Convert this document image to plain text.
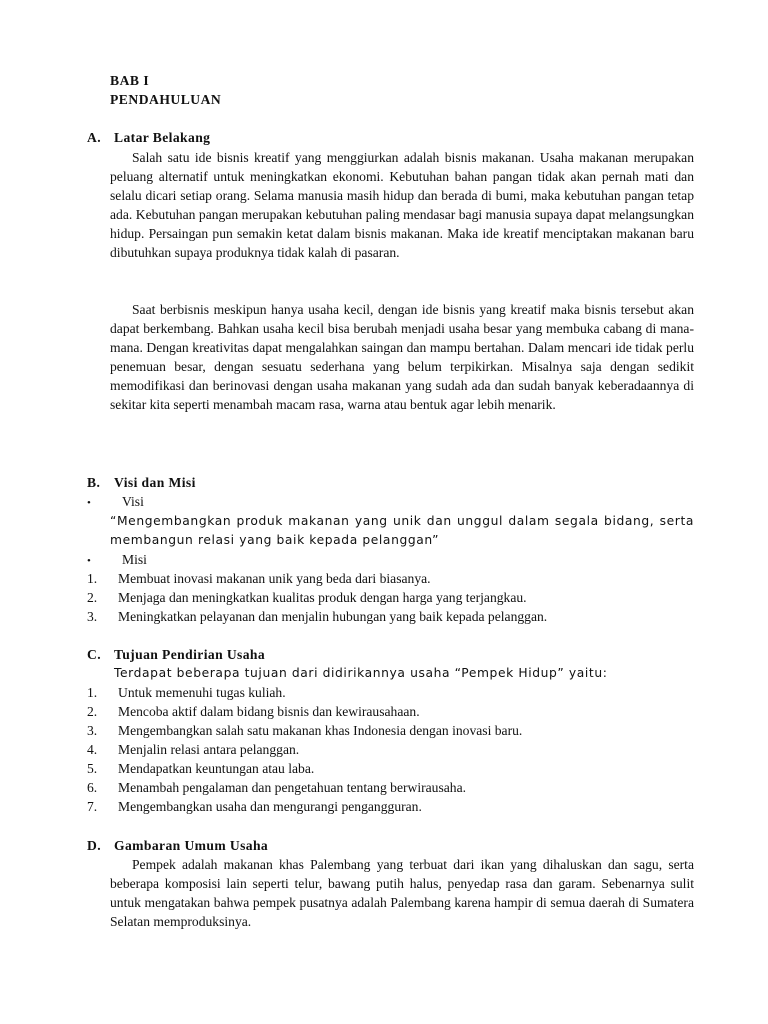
BAB I
PENDAHULUAN
A. Latar Belakang
Salah satu ide bisnis kreatif yang menggiurkan adalah bisnis makanan. Usaha makanan merupakan peluang alternatif untuk meningkatkan ekonomi. Kebutuhan bahan pangan tidak akan pernah mati dan selalu dicari setiap orang. Selama manusia masih hidup dan berada di bumi, maka kebutuhan pangan tetap ada. Kebutuhan pangan merupakan kebutuhan paling mendasar bagi manusia supaya dapat melangsungkan hidup. Persaingan pun semakin ketat dalam bisnis makanan. Maka ide kreatif menciptakan makanan baru dibutuhkan supaya produknya tidak kalah di pasaran.
Saat berbisnis meskipun hanya usaha kecil, dengan ide bisnis yang kreatif maka bisnis tersebut akan dapat berkembang. Bahkan usaha kecil bisa berubah menjadi usaha besar yang membuka cabang di mana-mana. Dengan kreativitas dapat mengalahkan saingan dan mampu bertahan. Dalam mencari ide tidak perlu penemuan besar, dengan sesuatu sederhana yang belum terpikirkan. Misalnya saja dengan sedikit memodifikasi dan berinovasi dengan usaha makanan yang sudah ada dan sudah banyak keberadaannya di sekitar kita seperti menambah macam rasa, warna atau bentuk agar lebih menarik.
B. Visi dan Misi
• Visi
“Mengembangkan produk makanan yang unik dan unggul dalam segala bidang, serta membangun relasi yang baik kepada pelanggan”
• Misi
1. Membuat inovasi makanan unik yang beda dari biasanya.
2. Menjaga dan meningkatkan kualitas produk dengan harga yang terjangkau.
3. Meningkatkan pelayanan dan menjalin hubungan yang baik kepada pelanggan.
C. Tujuan Pendirian Usaha
Terdapat beberapa tujuan dari didirikannya usaha “Pempek Hidup” yaitu:
1. Untuk memenuhi tugas kuliah.
2. Mencoba aktif dalam bidang bisnis dan kewirausahaan.
3. Mengembangkan salah satu makanan khas Indonesia dengan inovasi baru.
4. Menjalin relasi antara pelanggan.
5. Mendapatkan keuntungan atau laba.
6. Menambah pengalaman dan pengetahuan tentang berwirausaha.
7. Mengembangkan usaha dan mengurangi pengangguran.
D. Gambaran Umum Usaha
Pempek adalah makanan khas Palembang yang terbuat dari ikan yang dihaluskan dan sagu, serta beberapa komposisi lain seperti telur, bawang putih halus, penyedap rasa dan garam. Sebenarnya sulit untuk mengatakan bahwa pempek pusatnya adalah Palembang karena hampir di semua daerah di Sumatera Selatan memproduksinya.
